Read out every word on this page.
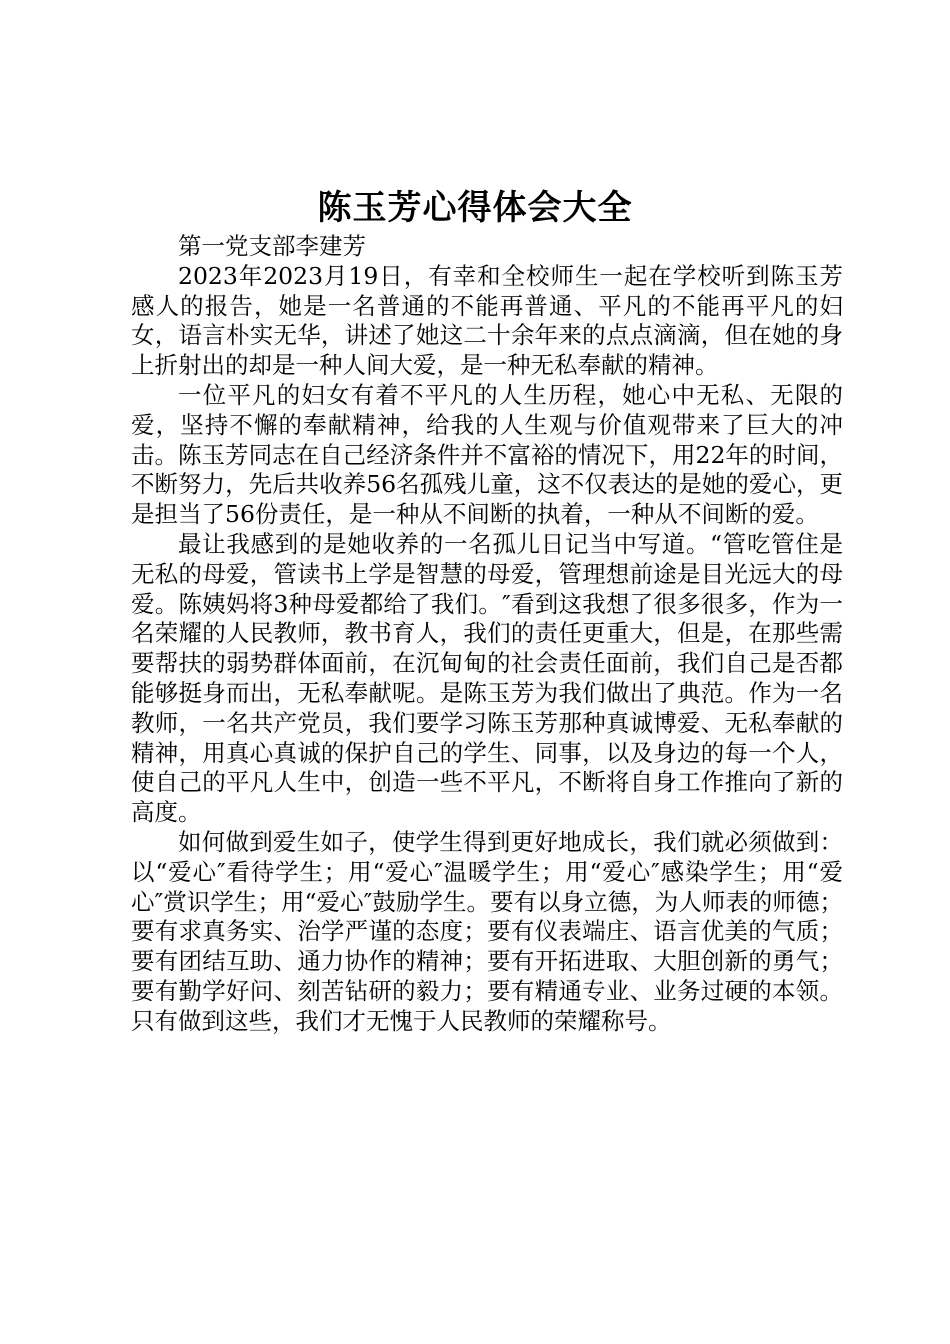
陈玉芳心得体会大全

第一党支部李建芳

2023年2023月19日，有幸和全校师生一起在学校听到陈玉芳感人的报告，她是一名普通的不能再普通、平凡的不能再平凡的妇女，语言朴实无华，讲述了她这二十余年来的点点滴滴，但在她的身上折射出的却是一种人间大爱，是一种无私奉献的精神。

一位平凡的妇女有着不平凡的人生历程，她心中无私、无限的爱，坚持不懈的奉献精神，给我的人生观与价值观带来了巨大的冲击。陈玉芳同志在自己经济条件并不富裕的情况下，用22年的时间，不断努力，先后共收养56名孤残儿童，这不仅表达的是她的爱心，更是担当了56份责任，是一种从不间断的执着，一种从不间断的爱。

最让我感到的是她收养的一名孤儿日记当中写道。“管吃管住是无私的母爱，管读书上学是智慧的母爱，管理想前途是目光远大的母爱。陈姨妈将3种母爱都给了我们。″看到这我想了很多很多，作为一名荣耀的人民教师，教书育人，我们的责任更重大，但是，在那些需要帮扶的弱势群体面前，在沉甸甸的社会责任面前，我们自己是否都能够挺身而出，无私奉献呢。是陈玉芳为我们做出了典范。作为一名教师，一名共产党员，我们要学习陈玉芳那种真诚博爱、无私奉献的精神，用真心真诚的保护自己的学生、同事，以及身边的每一个人，使自己的平凡人生中，创造一些不平凡，不断将自身工作推向了新的高度。

如何做到爱生如子，使学生得到更好地成长，我们就必须做到：以“爱心″看待学生；用“爱心″温暖学生；用“爱心″感染学生；用“爱心″赏识学生；用“爱心″鼓励学生。要有以身立德，为人师表的师德；要有求真务实、治学严谨的态度；要有仪表端庄、语言优美的气质；要有团结互助、通力协作的精神；要有开拓进取、大胆创新的勇气；要有勤学好问、刻苦钻研的毅力；要有精通专业、业务过硬的本领。只有做到这些，我们才无愧于人民教师的荣耀称号。
